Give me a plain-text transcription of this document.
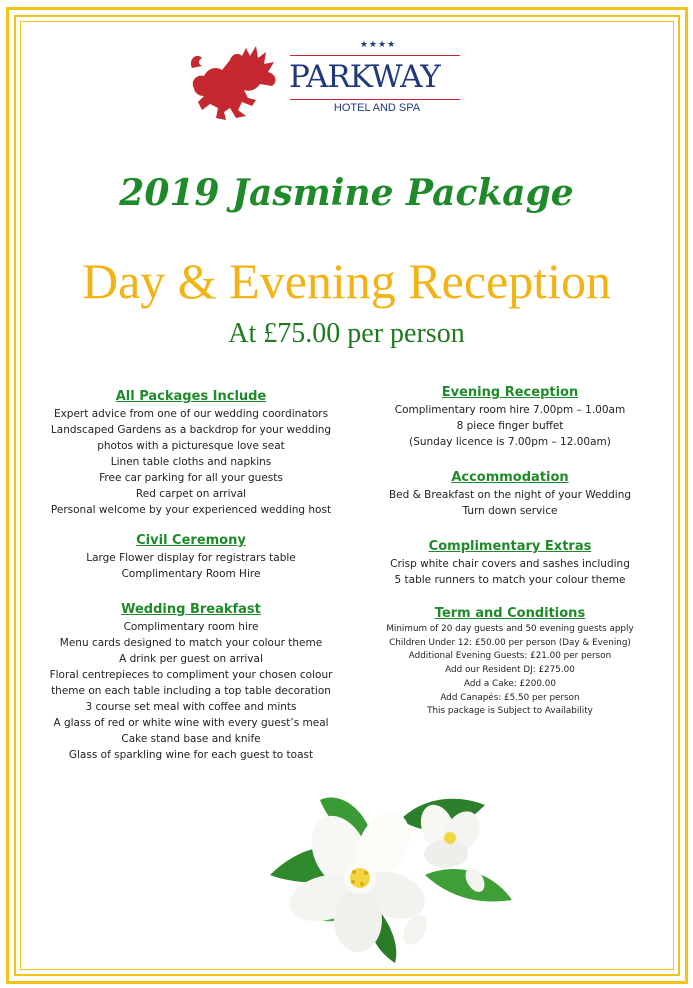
★★★★
PARKWAY
HOTEL AND SPA
2019 Jasmine Package
Day & Evening Reception
At £75.00 per person
All Packages Include
Expert advice from one of our wedding coordinators
Landscaped Gardens as a backdrop for your wedding
photos with a picturesque love seat
Linen table cloths and napkins
Free car parking for all your guests
Red carpet on arrival
Personal welcome by your experienced wedding host
Civil Ceremony
Large Flower display for registrars table
Complimentary Room Hire
Wedding Breakfast
Complimentary room hire
Menu cards designed to match your colour theme
A drink per guest on arrival
Floral centrepieces to compliment your chosen colour
theme on each table including a top table decoration
3 course set meal with coffee and mints
A glass of red or white wine with every guest’s meal
Cake stand base and knife
Glass of sparkling wine for each guest to toast
Evening Reception
Complimentary room hire 7.00pm – 1.00am
8 piece finger buffet
(Sunday licence is 7.00pm – 12.00am)
Accommodation
Bed & Breakfast on the night of your Wedding
Turn down service
Complimentary Extras
Crisp white chair covers and sashes including
5 table runners to match your colour theme
Term and Conditions
Minimum of 20 day guests and 50 evening guests apply
Children Under 12: £50.00 per person (Day & Evening)
Additional Evening Guests: £21.00 per person
Add our Resident DJ: £275.00
Add a Cake: £200.00
Add Canapés: £5.50 per person
This package is Subject to Availability
